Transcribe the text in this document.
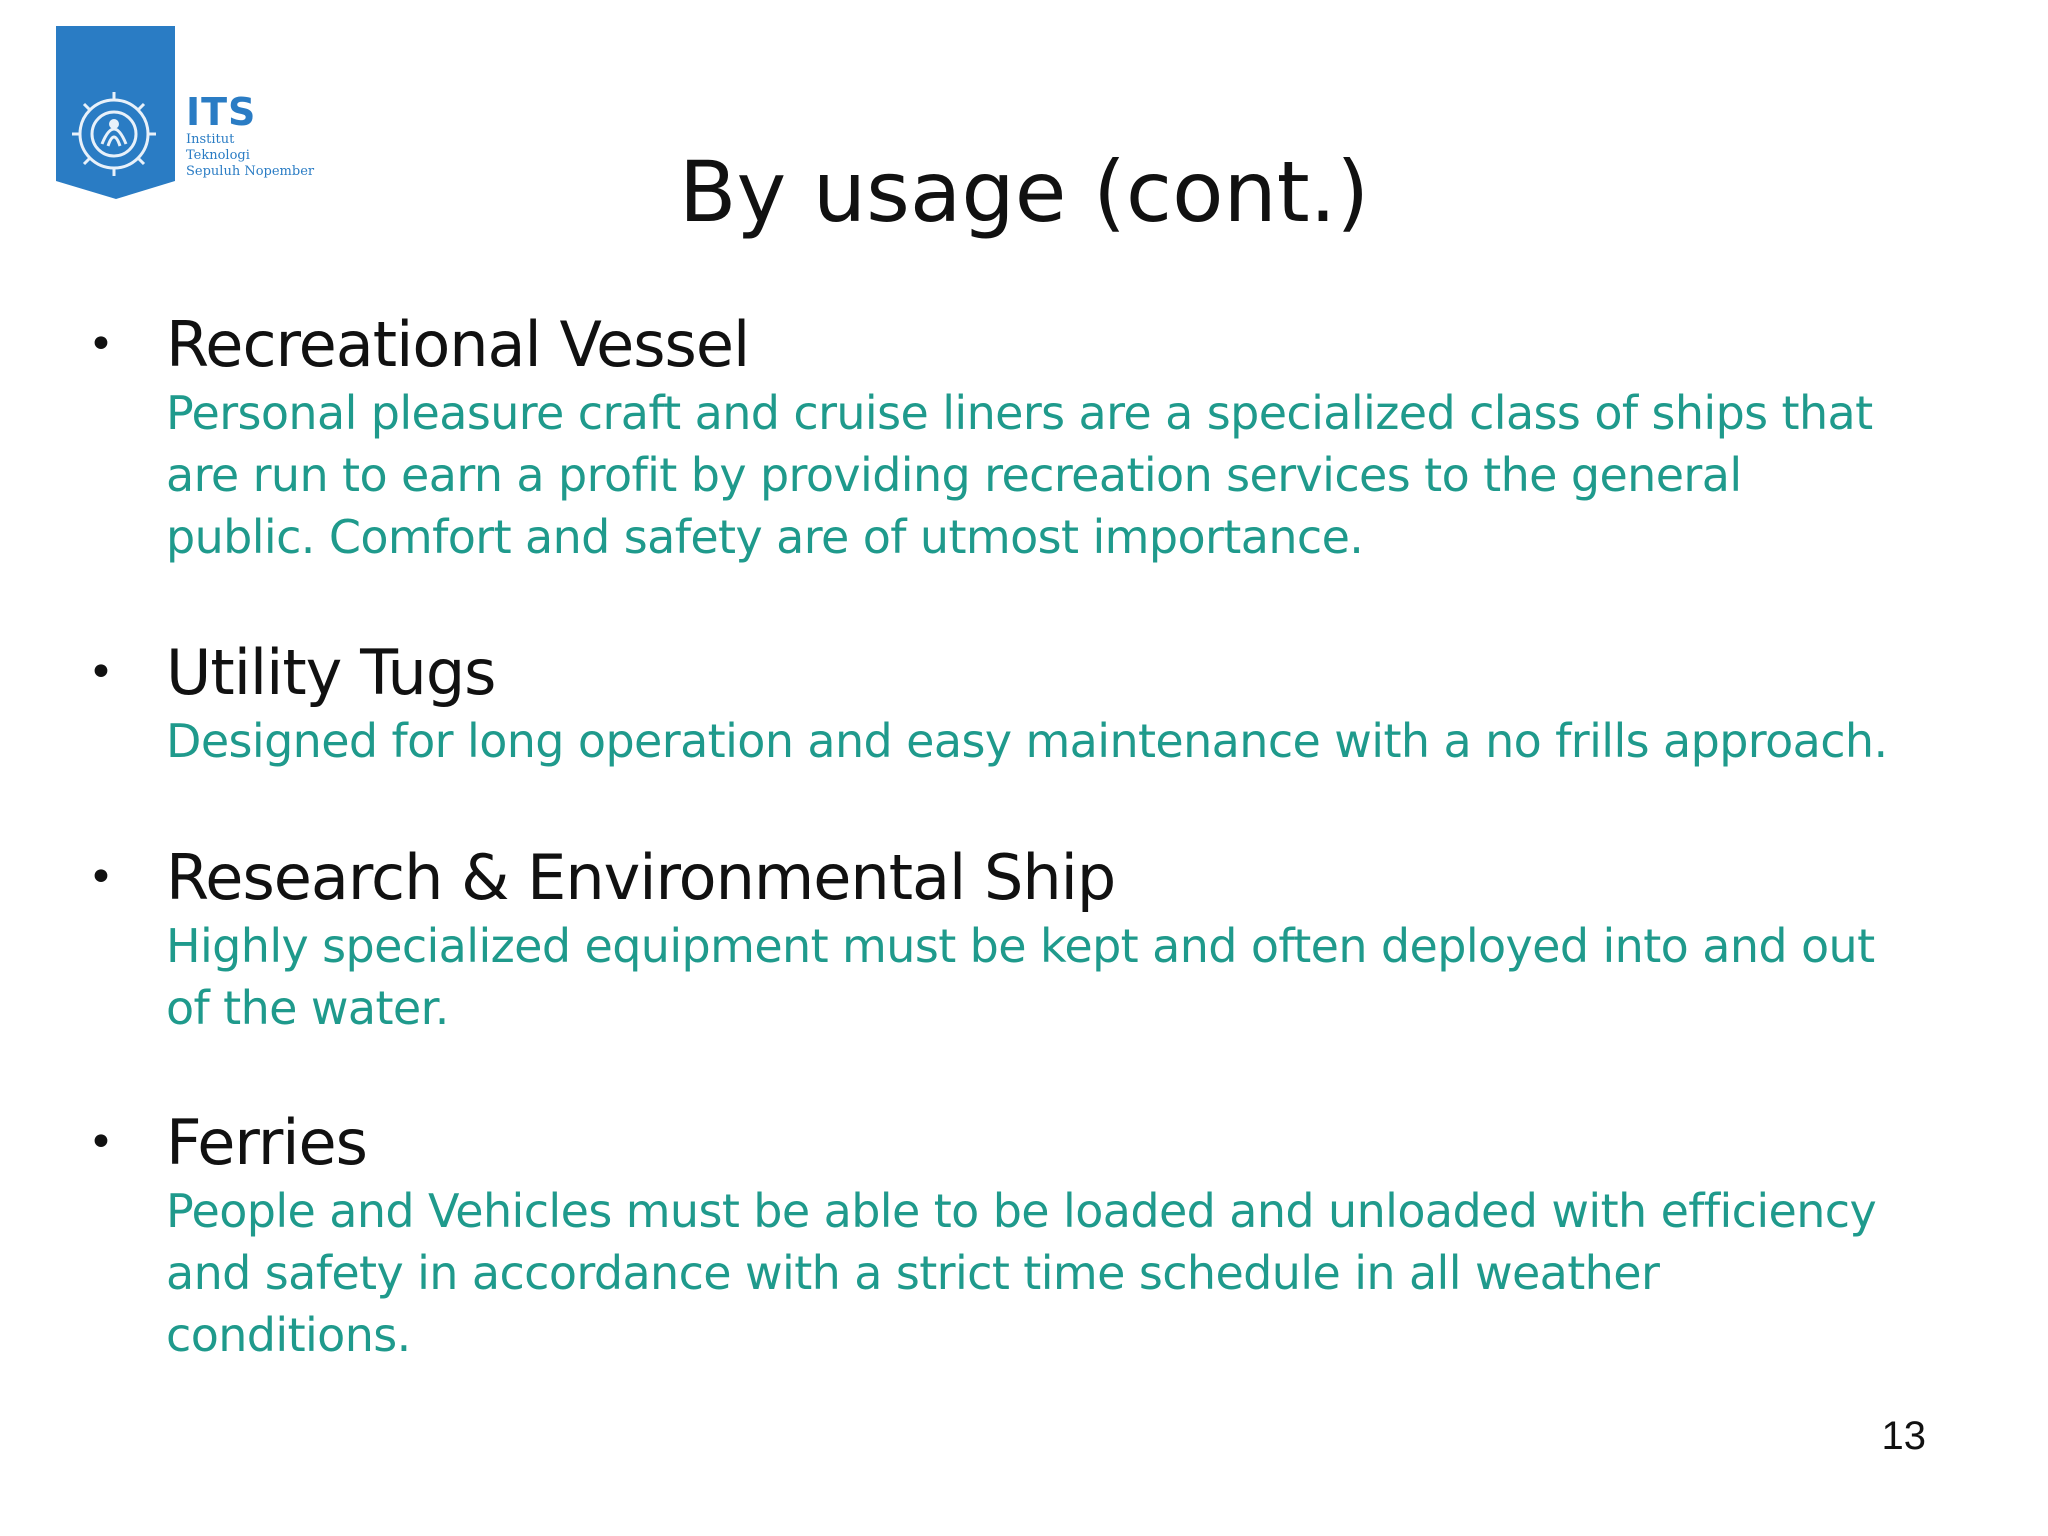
ITS
Institut
Teknologi
Sepuluh Nopember	By usage (cont.)
• Recreational Vessel
Personal pleasure craft and cruise liners are a specialized class of ships that
are run to earn a profit by providing recreation services to the general
public. Comfort and safety are of utmost importance.
• Utility Tugs
Designed for long operation and easy maintenance with a no frills approach.
• Research & Environmental Ship
Highly specialized equipment must be kept and often deployed into and out
of the water.
• Ferries
People and Vehicles must be able to be loaded and unloaded with efficiency
and safety in accordance with a strict time schedule in all weather
conditions.
13
